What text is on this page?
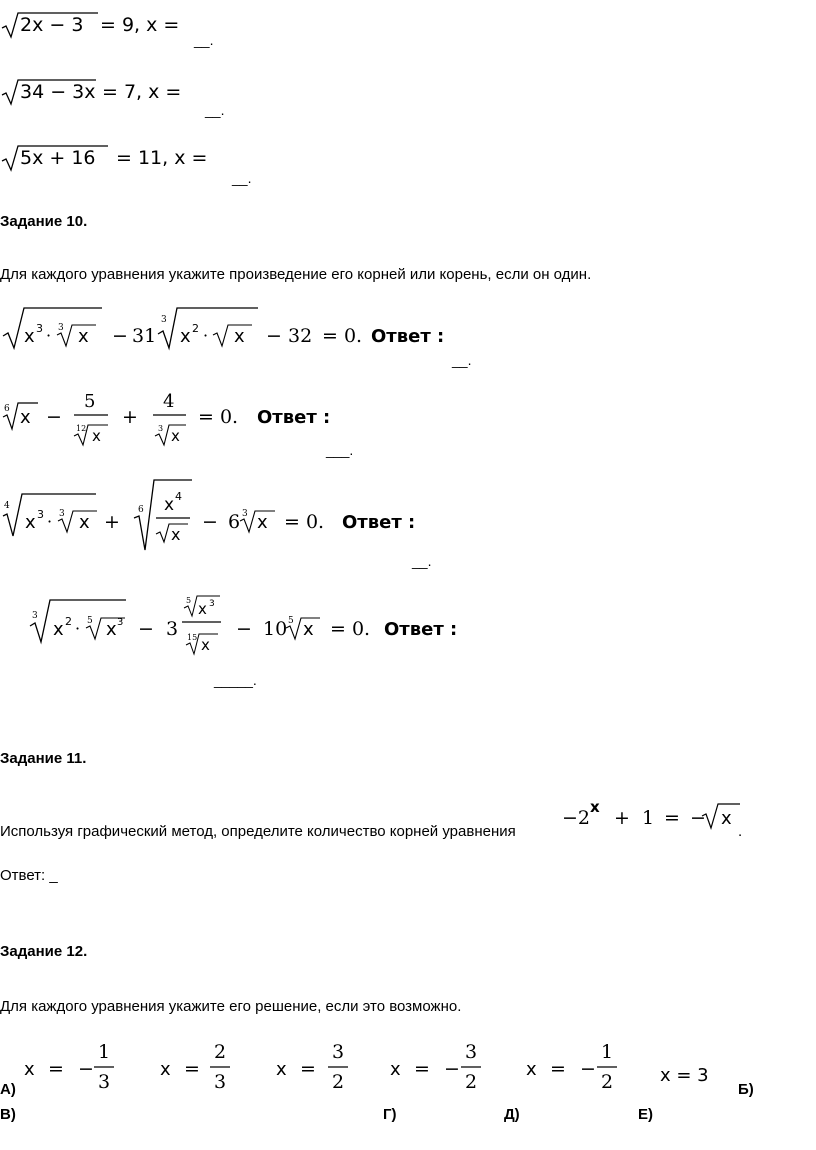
2x − 3 = 9, x =
__.
34 − 3x = 7, x =
__.
5x + 16 = 11, x =
__.
Задание 10.
Для каждого уравнения укажите произведение его корней или корень, если он один.
x 3 · 3 x − 31
3
x 2 · x − 32 = 0. Ответ :
__.
6 x −
5
12 x
+
4
3 x
= 0. Ответ :
___.
4
x 3 · 3 x +
6 x 4
x
− 6 3 x = 0. Ответ :
__.
3
x 2 · 5 x 3 − 3
5 x 3
15 x
− 10 5 x = 0. Ответ :
_____.
Задание 11.
Используя графический метод, определите количество корней уравнения
−2 x + 1 = − x
.
Ответ: _
Задание 12.
Для каждого уравнения укажите его решение, если это возможно.
x = −
1
3
x =
2
3
x =
3
2
x = −
3
2
x = −
1
2	x = 3
А)	Б)
В)	Г)	Д)	Е)
